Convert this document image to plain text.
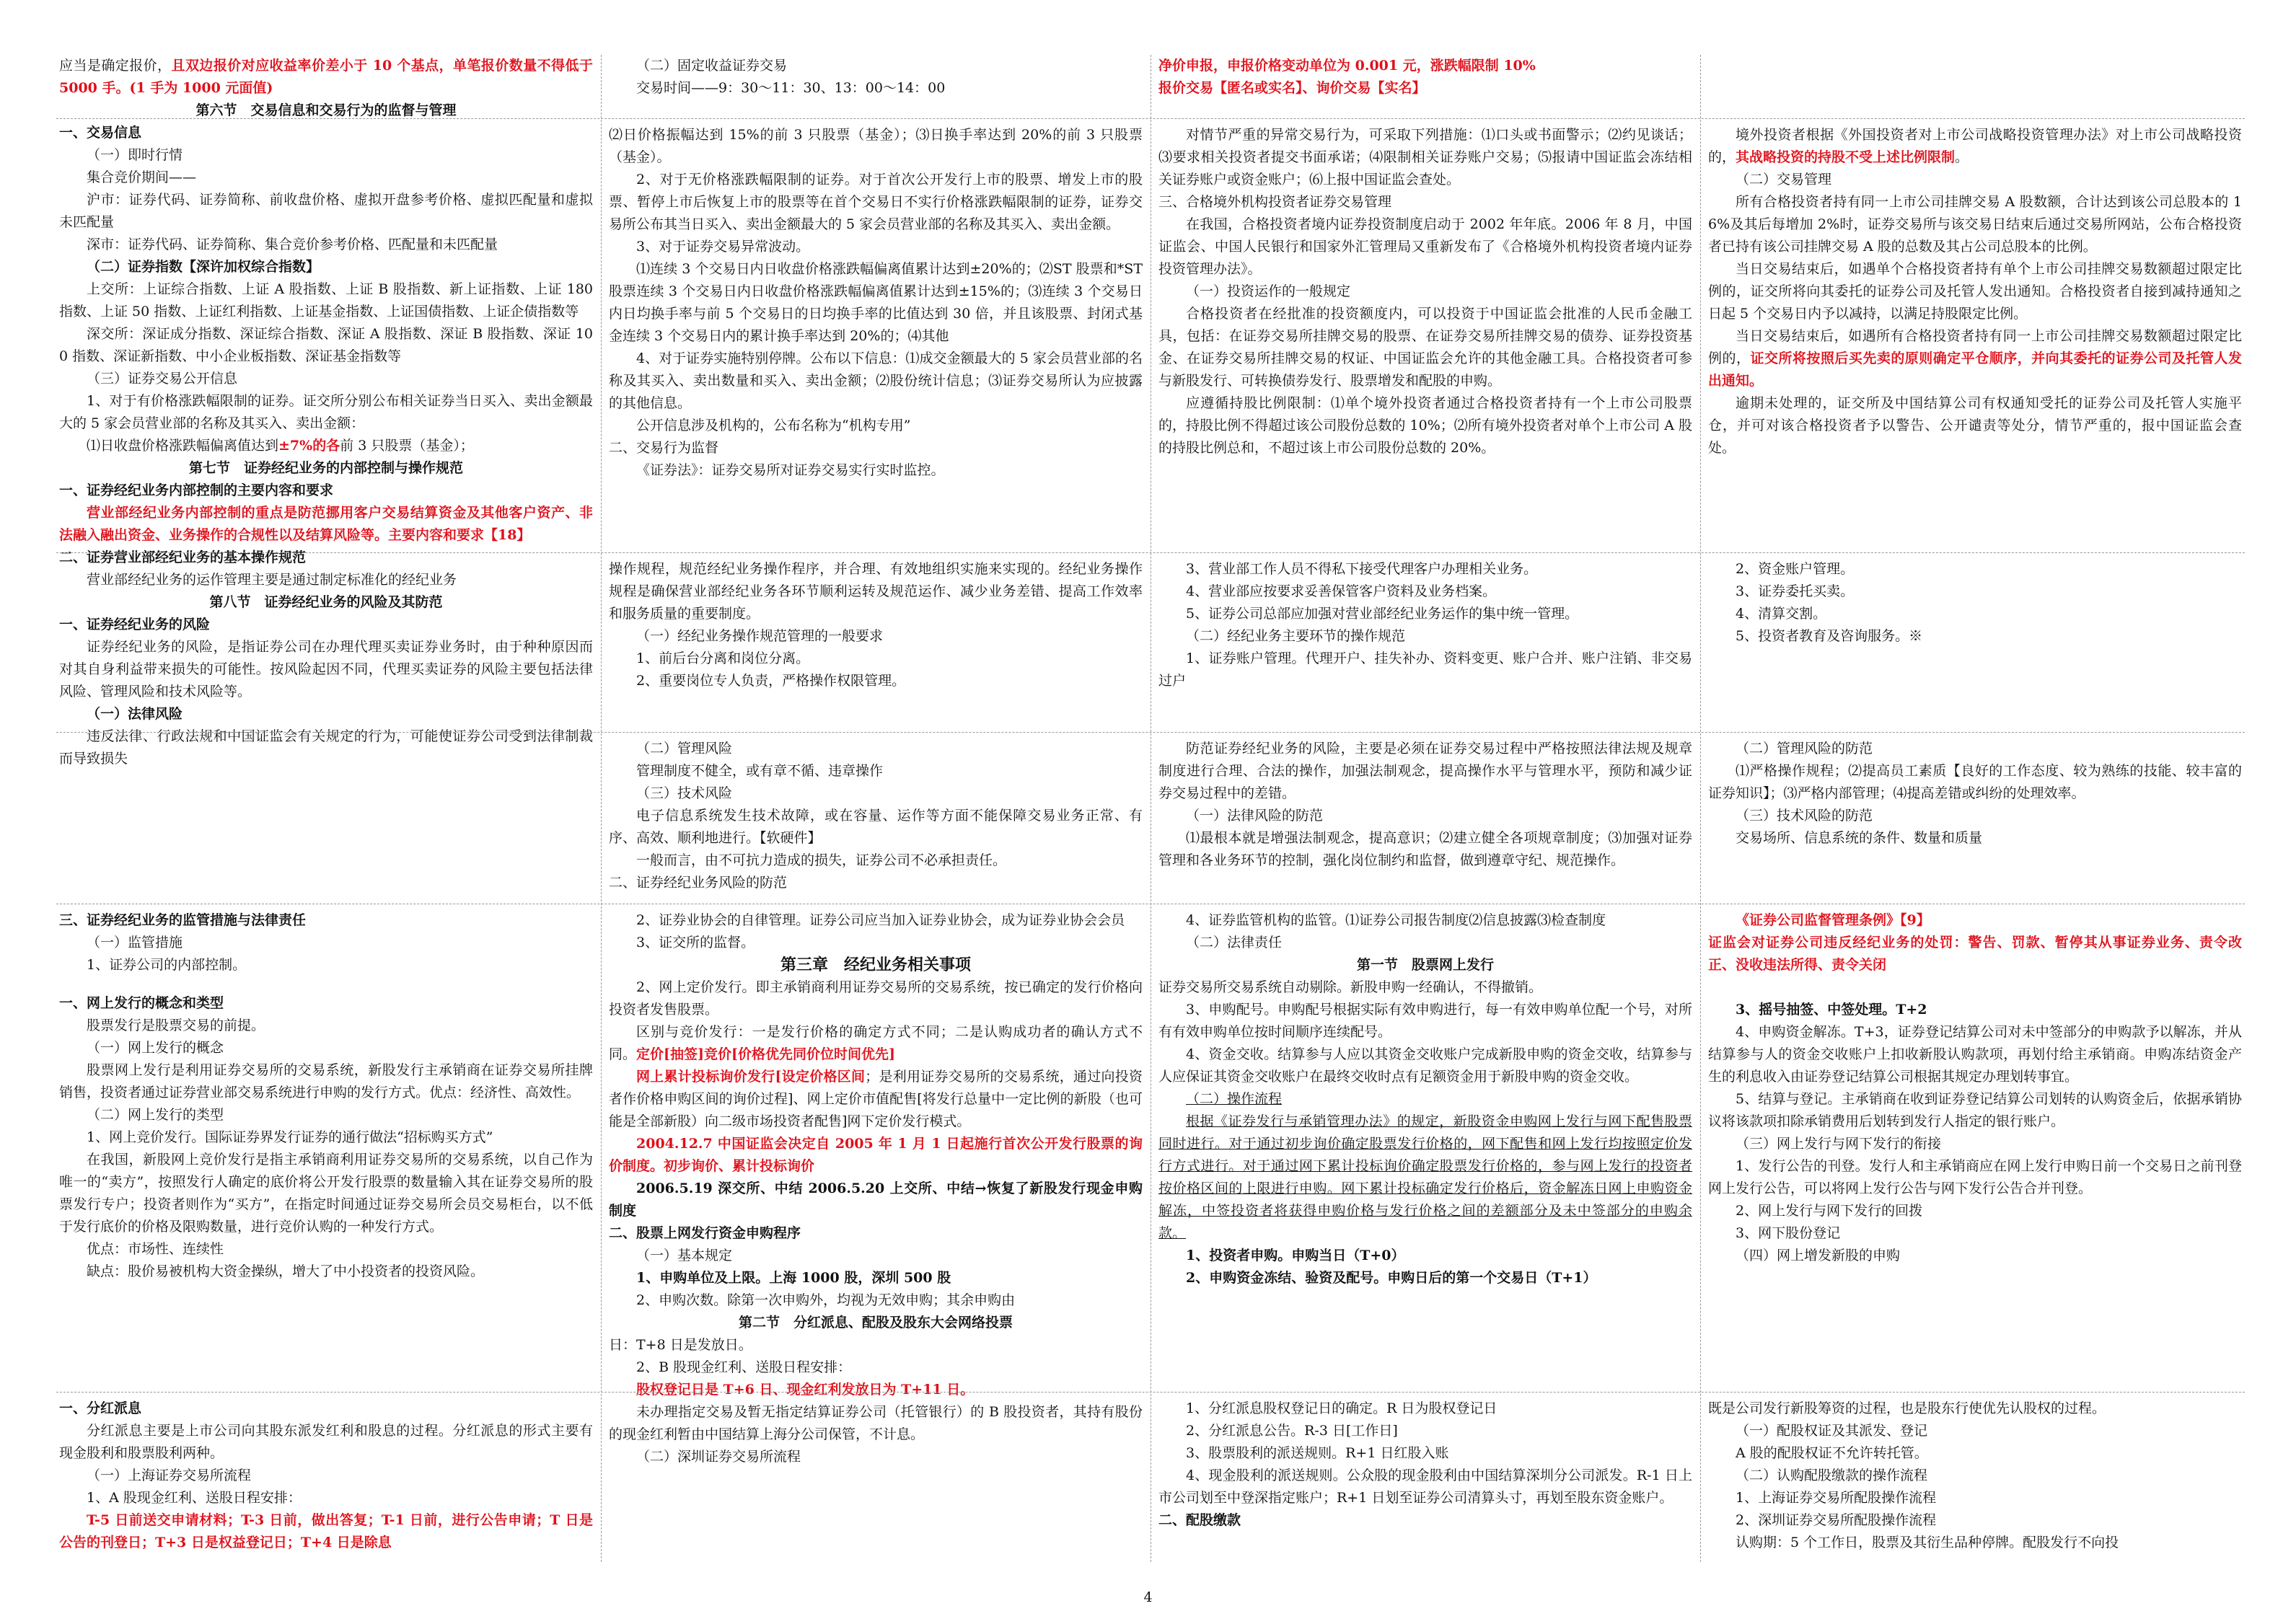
应当是确定报价，且双边报价对应收益率价差小于 10 个基点，单笔报价数量不得低于 5000 手。(1 手为 1000 元面值)

第六节　交易信息和交易行为的监督与管理

一、交易信息

（一）即时行情

集合竞价期间——

沪市：证券代码、证券简称、前收盘价格、虚拟开盘参考价格、虚拟匹配量和虚拟未匹配量

深市：证券代码、证券简称、集合竞价参考价格、匹配量和未匹配量

（二）证券指数【深许加权综合指数】

上交所：上证综合指数、上证 A 股指数、上证 B 股指数、新上证指数、上证 180 指数、上证 50 指数、上证红利指数、上证基金指数、上证国债指数、上证企债指数等

深交所：深证成分指数、深证综合指数、深证 A 股指数、深证 B 股指数、深证 100 指数、深证新指数、中小企业板指数、深证基金指数等

（三）证券交易公开信息

1、对于有价格涨跌幅限制的证券。证交所分别公布相关证券当日买入、卖出金额最大的 5 家会员营业部的名称及其买入、卖出金额：

⑴日收盘价格涨跌幅偏离值达到±7%的各前 3 只股票（基金）；

第七节　证券经纪业务的内部控制与操作规范

一、证券经纪业务内部控制的主要内容和要求

营业部经纪业务内部控制的重点是防范挪用客户交易结算资金及其他客户资产、非法融入融出资金、业务操作的合规性以及结算风险等。主要内容和要求【18】

二、证券营业部经纪业务的基本操作规范

营业部经纪业务的运作管理主要是通过制定标准化的经纪业务

第八节　证券经纪业务的风险及其防范

一、证券经纪业务的风险

证券经纪业务的风险，是指证券公司在办理代理买卖证券业务时，由于种种原因而对其自身利益带来损失的可能性。按风险起因不同，代理买卖证券的风险主要包括法律风险、管理风险和技术风险等。

（一）法律风险

违反法律、行政法规和中国证监会有关规定的行为，可能使证券公司受到法律制裁而导致损失

三、证券经纪业务的监管措施与法律责任

（一）监管措施

1、证券公司的内部控制。

一、网上发行的概念和类型

股票发行是股票交易的前提。

（一）网上发行的概念

股票网上发行是利用证券交易所的交易系统，新股发行主承销商在证券交易所挂牌销售，投资者通过证券营业部交易系统进行申购的发行方式。优点：经济性、高效性。

（二）网上发行的类型

1、网上竞价发行。国际证券界发行证券的通行做法“招标购买方式”

在我国，新股网上竞价发行是指主承销商利用证券交易所的交易系统，以自己作为唯一的“卖方”，按照发行人确定的底价将公开发行股票的数量输入其在证券交易所的股票发行专户；投资者则作为“买方”，在指定时间通过证券交易所会员交易柜台，以不低于发行底价的价格及限购数量，进行竞价认购的一种发行方式。

优点：市场性、连续性

缺点：股价易被机构大资金操纵，增大了中小投资者的投资风险。

一、分红派息

分红派息主要是上市公司向其股东派发红利和股息的过程。分红派息的形式主要有现金股利和股票股利两种。

（一）上海证券交易所流程

1、A 股现金红利、送股日程安排：

T-5 日前送交申请材料；T-3 日前，做出答复；T-1 日前，进行公告申请；T 日是公告的刊登日；T+3 日是权益登记日；T+4 日是除息

（二）固定收益证券交易

交易时间——9：30～11：30、13：00～14：00

⑵日价格振幅达到 15%的前 3 只股票（基金）；⑶日换手率达到 20%的前 3 只股票（基金）。

2、对于无价格涨跌幅限制的证券。对于首次公开发行上市的股票、增发上市的股票、暂停上市后恢复上市的股票等在首个交易日不实行价格涨跌幅限制的证券，证券交易所公布其当日买入、卖出金额最大的 5 家会员营业部的名称及其买入、卖出金额。

3、对于证券交易异常波动。

⑴连续 3 个交易日内日收盘价格涨跌幅偏离值累计达到±20%的；⑵ST 股票和*ST 股票连续 3 个交易日内日收盘价格涨跌幅偏离值累计达到±15%的；⑶连续 3 个交易日内日均换手率与前 5 个交易日的日均换手率的比值达到 30 倍，并且该股票、封闭式基金连续 3 个交易日内的累计换手率达到 20%的；⑷其他

4、对于证券实施特别停牌。公布以下信息：⑴成交金额最大的 5 家会员营业部的名称及其买入、卖出数量和买入、卖出金额；⑵股份统计信息；⑶证券交易所认为应披露的其他信息。

公开信息涉及机构的，公布名称为“机构专用”

二、交易行为监督

《证券法》：证券交易所对证券交易实行实时监控。

操作规程，规范经纪业务操作程序，并合理、有效地组织实施来实现的。经纪业务操作规程是确保营业部经纪业务各环节顺利运转及规范运作、减少业务差错、提高工作效率和服务质量的重要制度。

（一）经纪业务操作规范管理的一般要求

1、前后台分离和岗位分离。

2、重要岗位专人负责，严格操作权限管理。

（二）管理风险

管理制度不健全，或有章不循、违章操作

（三）技术风险

电子信息系统发生技术故障，或在容量、运作等方面不能保障交易业务正常、有序、高效、顺利地进行。【软硬件】

一般而言，由不可抗力造成的损失，证券公司不必承担责任。

二、证券经纪业务风险的防范

2、证券业协会的自律管理。证券公司应当加入证券业协会，成为证券业协会会员

3、证交所的监督。

第三章　经纪业务相关事项

2、网上定价发行。即主承销商利用证券交易所的交易系统，按已确定的发行价格向投资者发售股票。

区别与竞价发行：一是发行价格的确定方式不同；二是认购成功者的确认方式不同。定价[抽签]竞价[价格优先同价位时间优先]

网上累计投标询价发行[设定价格区间；是利用证券交易所的交易系统，通过向投资者作价格申购区间的询价过程]、网上定价市值配售[将发行总量中一定比例的新股（也可能是全部新股）向二级市场投资者配售]网下定价发行模式。

2004.12.7 中国证监会决定自 2005 年 1 月 1 日起施行首次公开发行股票的询价制度。初步询价、累计投标询价

2006.5.19 深交所、中结 2006.5.20 上交所、中结→恢复了新股发行现金申购制度

二、股票上网发行资金申购程序

（一）基本规定

1、申购单位及上限。上海 1000 股，深圳 500 股

2、申购次数。除第一次申购外，均视为无效申购；其余申购由

第二节　分红派息、配股及股东大会网络投票

日：T+8 日是发放日。

2、B 股现金红利、送股日程安排：

股权登记日是 T+6 日、现金红利发放日为 T+11 日。

未办理指定交易及暂无指定结算证券公司（托管银行）的 B 股投资者，其持有股份的现金红利暂由中国结算上海分公司保管，不计息。

（二）深圳证券交易所流程

净价申报，申报价格变动单位为 0.001 元，涨跌幅限制 10%

报价交易【匿名或实名】、询价交易【实名】

对情节严重的异常交易行为，可采取下列措施：⑴口头或书面警示；⑵约见谈话；⑶要求相关投资者提交书面承诺；⑷限制相关证券账户交易；⑸报请中国证监会冻结相关证券账户或资金账户；⑹上报中国证监会查处。

三、合格境外机构投资者证券交易管理

在我国，合格投资者境内证券投资制度启动于 2002 年年底。2006 年 8 月，中国证监会、中国人民银行和国家外汇管理局又重新发布了《合格境外机构投资者境内证券投资管理办法》。

（一）投资运作的一般规定

合格投资者在经批准的投资额度内，可以投资于中国证监会批准的人民币金融工具，包括：在证券交易所挂牌交易的股票、在证券交易所挂牌交易的债券、证券投资基金、在证券交易所挂牌交易的权证、中国证监会允许的其他金融工具。合格投资者可参与新股发行、可转换债券发行、股票增发和配股的申购。

应遵循持股比例限制：⑴单个境外投资者通过合格投资者持有一个上市公司股票的，持股比例不得超过该公司股份总数的 10%；⑵所有境外投资者对单个上市公司 A 股的持股比例总和，不超过该上市公司股份总数的 20%。

3、营业部工作人员不得私下接受代理客户办理相关业务。

4、营业部应按要求妥善保管客户资料及业务档案。

5、证券公司总部应加强对营业部经纪业务运作的集中统一管理。

（二）经纪业务主要环节的操作规范

1、证券账户管理。代理开户、挂失补办、资料变更、账户合并、账户注销、非交易过户

防范证券经纪业务的风险，主要是必须在证券交易过程中严格按照法律法规及规章制度进行合理、合法的操作，加强法制观念，提高操作水平与管理水平，预防和减少证券交易过程中的差错。

（一）法律风险的防范

⑴最根本就是增强法制观念，提高意识；⑵建立健全各项规章制度；⑶加强对证券管理和各业务环节的控制，强化岗位制约和监督，做到遵章守纪、规范操作。

4、证券监管机构的监管。⑴证券公司报告制度⑵信息披露⑶检查制度

（二）法律责任

第一节　股票网上发行

证券交易所交易系统自动剔除。新股申购一经确认，不得撤销。

3、申购配号。申购配号根据实际有效申购进行，每一有效申购单位配一个号，对所有有效申购单位按时间顺序连续配号。

4、资金交收。结算参与人应以其资金交收账户完成新股申购的资金交收，结算参与人应保证其资金交收账户在最终交收时点有足额资金用于新股申购的资金交收。

（二）操作流程

根据《证券发行与承销管理办法》的规定，新股资金申购网上发行与网下配售股票同时进行。对于通过初步询价确定股票发行价格的，网下配售和网上发行均按照定价发行方式进行。对于通过网下累计投标询价确定股票发行价格的，参与网上发行的投资者按价格区间的上限进行申购。网下累计投标确定发行价格后，资金解冻日网上申购资金解冻，中签投资者将获得申购价格与发行价格之间的差额部分及未中签部分的申购余款。

1、投资者申购。申购当日（T+0）

2、申购资金冻结、验资及配号。申购日后的第一个交易日（T+1）

1、分红派息股权登记日的确定。R 日为股权登记日

2、分红派息公告。R-3 日[工作日]

3、股票股利的派送规则。R+1 日红股入账

4、现金股利的派送规则。公众股的现金股利由中国结算深圳分公司派发。R-1 日上市公司划至中登深指定账户；R+1 日划至证券公司清算头寸，再划至股东资金账户。

二、配股缴款

境外投资者根据《外国投资者对上市公司战略投资管理办法》对上市公司战略投资的，其战略投资的持股不受上述比例限制。

（二）交易管理

所有合格投资者持有同一上市公司挂牌交易 A 股数额，合计达到该公司总股本的 16%及其后每增加 2%时，证券交易所与该交易日结束后通过交易所网站，公布合格投资者已持有该公司挂牌交易 A 股的总数及其占公司总股本的比例。

当日交易结束后，如遇单个合格投资者持有单个上市公司挂牌交易数额超过限定比例的，证交所将向其委托的证券公司及托管人发出通知。合格投资者自接到减持通知之日起 5 个交易日内予以减持，以满足持股限定比例。

当日交易结束后，如遇所有合格投资者持有同一上市公司挂牌交易数额超过限定比例的，证交所将按照后买先卖的原则确定平仓顺序，并向其委托的证券公司及托管人发出通知。

逾期未处理的，证交所及中国结算公司有权通知受托的证券公司及托管人实施平仓，并可对该合格投资者予以警告、公开谴责等处分，情节严重的，报中国证监会查处。

2、资金账户管理。

3、证券委托买卖。

4、清算交割。

5、投资者教育及咨询服务。※

（二）管理风险的防范

⑴严格操作规程；⑵提高员工素质【良好的工作态度、较为熟练的技能、较丰富的证券知识】；⑶严格内部管理；⑷提高差错或纠纷的处理效率。

（三）技术风险的防范

交易场所、信息系统的条件、数量和质量

《证券公司监督管理条例》【9】

证监会对证券公司违反经纪业务的处罚：警告、罚款、暂停其从事证券业务、责令改正、没收违法所得、责令关闭

3、摇号抽签、中签处理。T+2

4、申购资金解冻。T+3，证券登记结算公司对未中签部分的申购款予以解冻，并从结算参与人的资金交收账户上扣收新股认购款项，再划付给主承销商。申购冻结资金产生的利息收入由证券登记结算公司根据其规定办理划转事宜。

5、结算与登记。主承销商在收到证券登记结算公司划转的认购资金后，依据承销协议将该款项扣除承销费用后划转到发行人指定的银行账户。

（三）网上发行与网下发行的衔接

1、发行公告的刊登。发行人和主承销商应在网上发行申购日前一个交易日之前刊登网上发行公告，可以将网上发行公告与网下发行公告合并刊登。

2、网上发行与网下发行的回拨

3、网下股份登记

（四）网上增发新股的申购

既是公司发行新股筹资的过程，也是股东行使优先认股权的过程。

（一）配股权证及其派发、登记

A 股的配股权证不允许转托管。

（二）认购配股缴款的操作流程

1、上海证券交易所配股操作流程

2、深圳证券交易所配股操作流程

认购期：5 个工作日，股票及其衍生品种停牌。配股发行不向投

4
